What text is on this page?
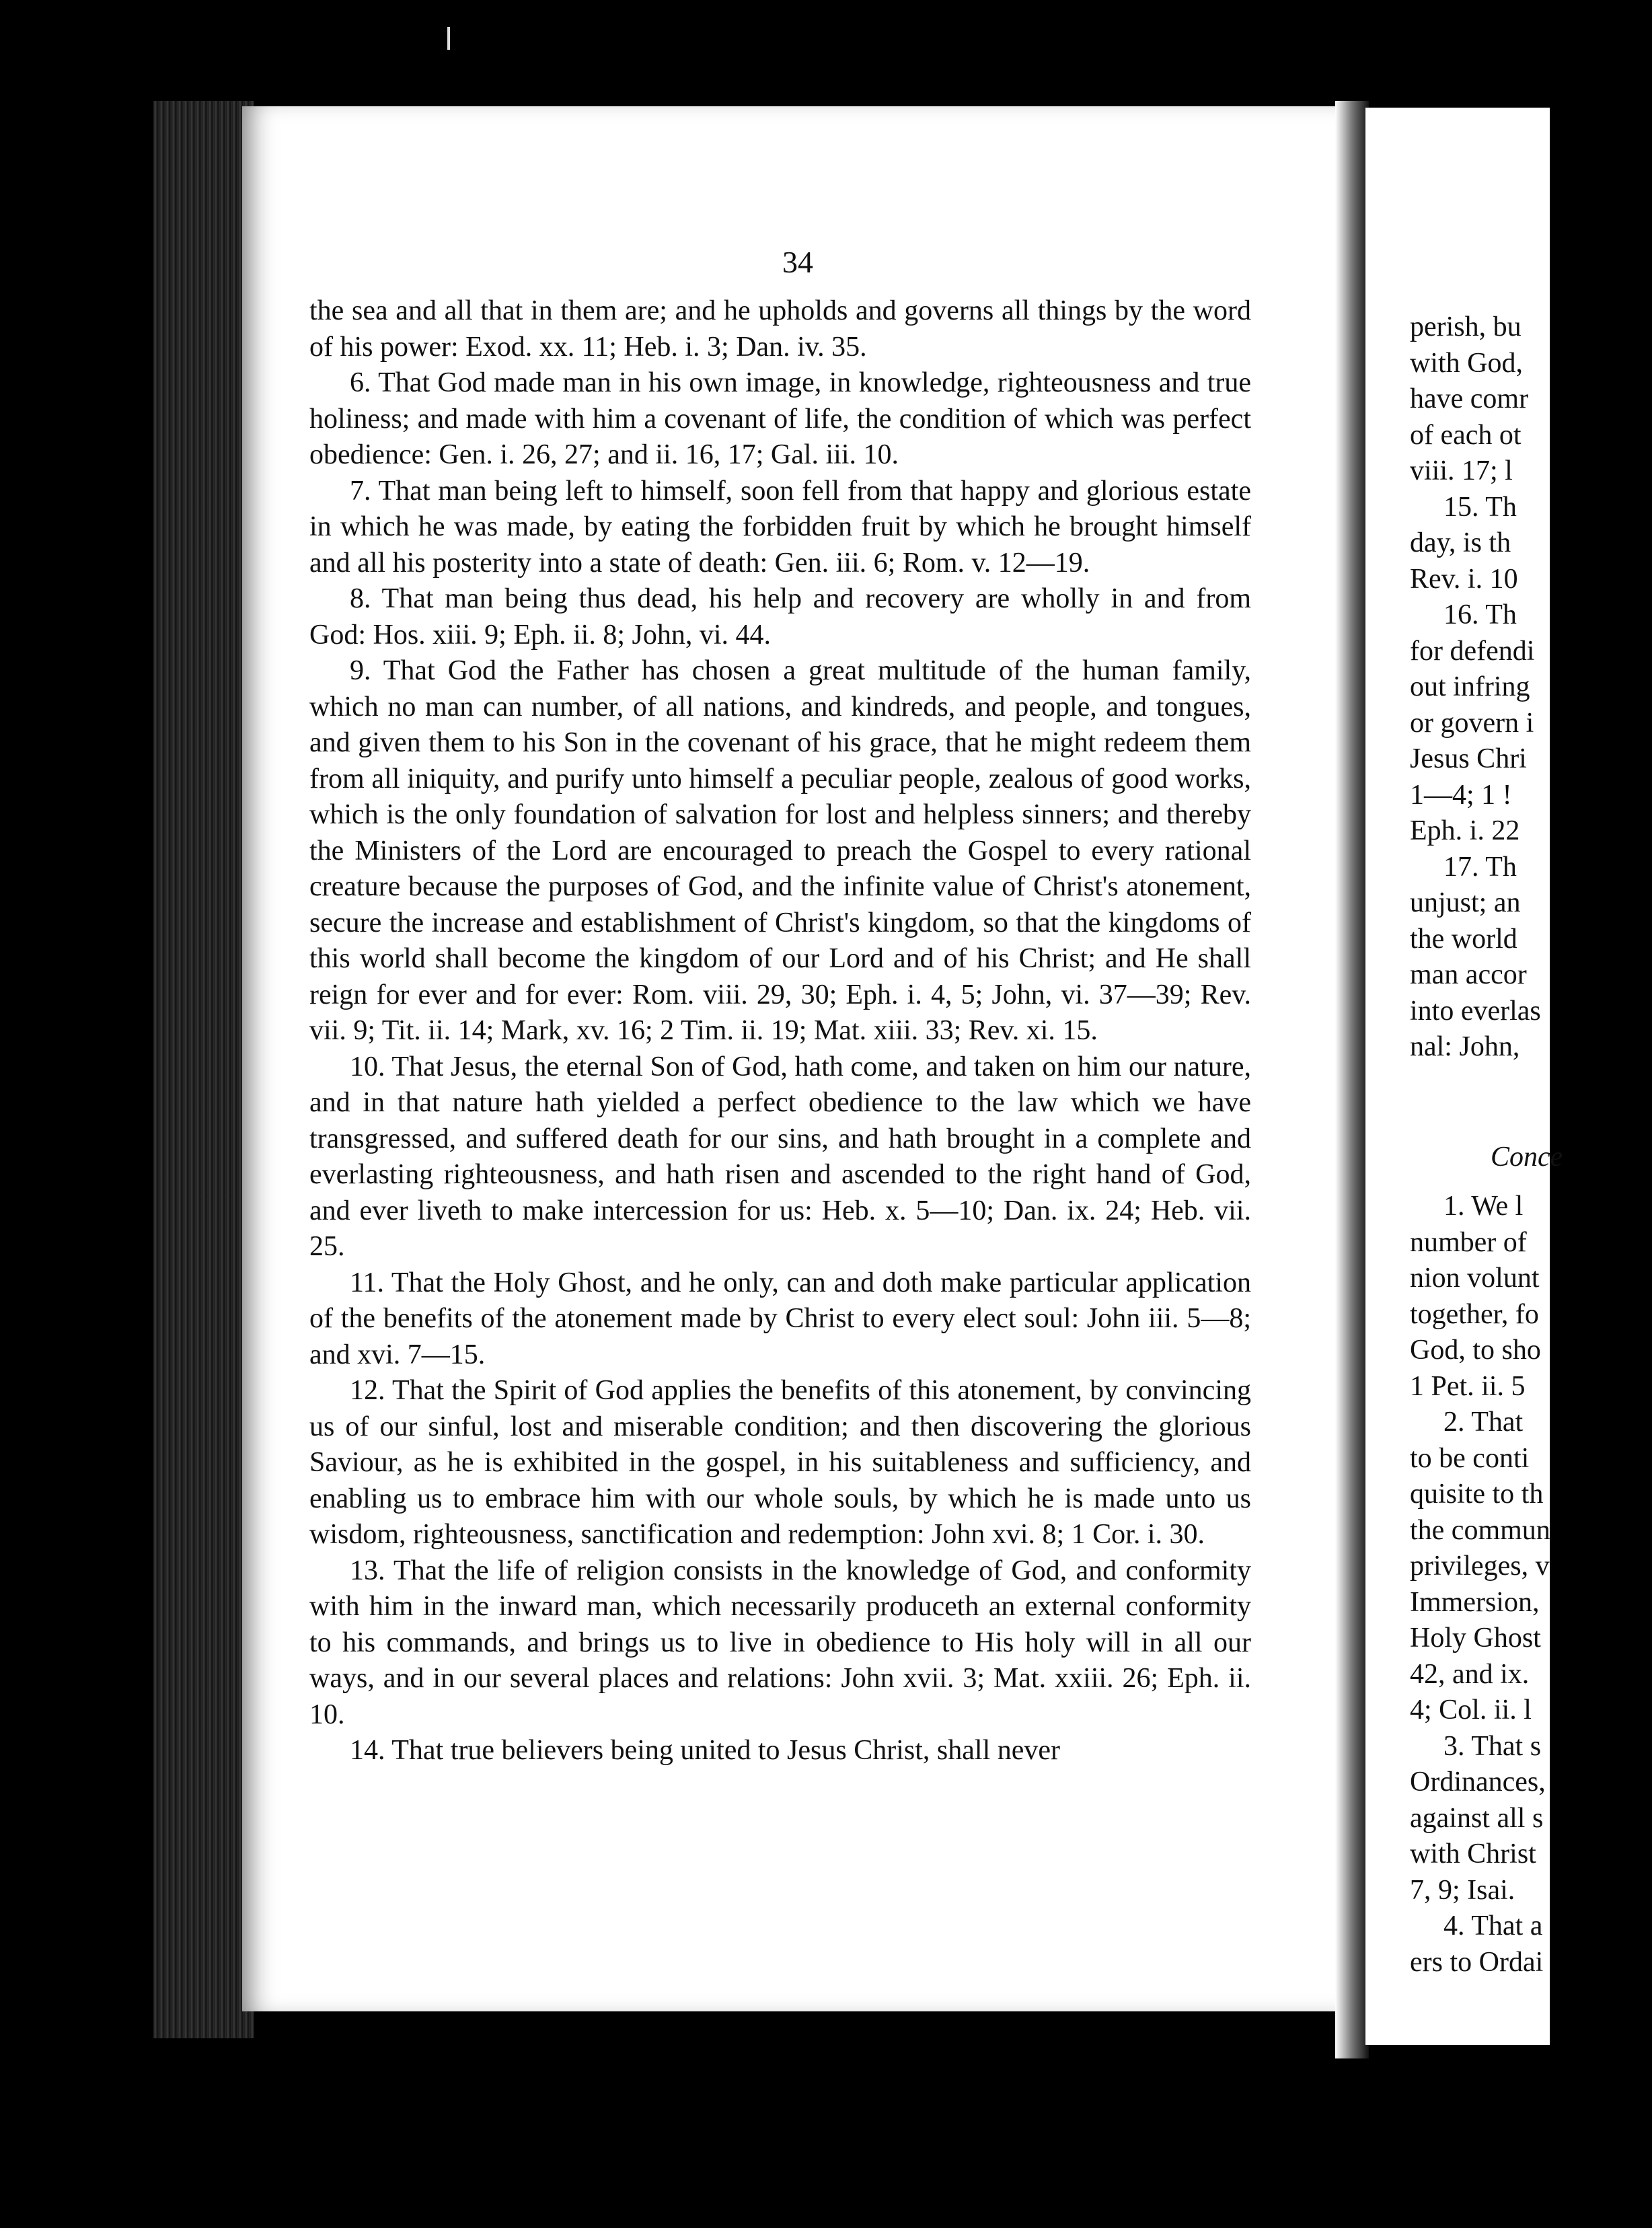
34

the sea and all that in them are; and he upholds and governs all things by the word of his power: Exod. xx. 11; Heb. i. 3; Dan. iv. 35.

6. That God made man in his own image, in knowledge, righteousness and true holiness; and made with him a covenant of life, the condition of which was perfect obedience: Gen. i. 26, 27; and ii. 16, 17; Gal. iii. 10.

7. That man being left to himself, soon fell from that happy and glorious estate in which he was made, by eating the forbidden fruit by which he brought himself and all his posterity into a state of death: Gen. iii. 6; Rom. v. 12—19.

8. That man being thus dead, his help and recovery are wholly in and from God: Hos. xiii. 9; Eph. ii. 8; John, vi. 44.

9. That God the Father has chosen a great multitude of the human family, which no man can number, of all nations, and kindreds, and people, and tongues, and given them to his Son in the covenant of his grace, that he might redeem them from all iniquity, and purify unto himself a peculiar people, zealous of good works, which is the only foundation of salvation for lost and helpless sinners; and thereby the Ministers of the Lord are encouraged to preach the Gospel to every rational creature because the purposes of God, and the infinite value of Christ's atonement, secure the increase and establishment of Christ's kingdom, so that the kingdoms of this world shall become the kingdom of our Lord and of his Christ; and He shall reign for ever and for ever: Rom. viii. 29, 30; Eph. i. 4, 5; John, vi. 37—39; Rev. vii. 9; Tit. ii. 14; Mark, xv. 16; 2 Tim. ii. 19; Mat. xiii. 33; Rev. xi. 15.

10. That Jesus, the eternal Son of God, hath come, and taken on him our nature, and in that nature hath yielded a perfect obedience to the law which we have transgressed, and suffered death for our sins, and hath brought in a complete and everlasting righteousness, and hath risen and ascended to the right hand of God, and ever liveth to make intercession for us: Heb. x. 5—10; Dan. ix. 24; Heb. vii. 25.

11. That the Holy Ghost, and he only, can and doth make particular application of the benefits of the atonement made by Christ to every elect soul: John iii. 5—8; and xvi. 7—15.

12. That the Spirit of God applies the benefits of this atonement, by convincing us of our sinful, lost and miserable condition; and then discovering the glorious Saviour, as he is exhibited in the gospel, in his suitableness and sufficiency, and enabling us to embrace him with our whole souls, by which he is made unto us wisdom, righteousness, sanctification and redemption: John xvi. 8; 1 Cor. i. 30.

13. That the life of religion consists in the knowledge of God, and conformity with him in the inward man, which necessarily produceth an external conformity to his commands, and brings us to live in obedience to His holy will in all our ways, and in our several places and relations: John xvii. 3; Mat. xxiii. 26; Eph. ii. 10.

14. That true believers being united to Jesus Christ, shall never

perish, bu
with God,
have comr
of each ot
viii. 17; l
15. Th
day, is th
Rev. i. 10
16. Th
for defendi
out infring
or govern i
Jesus Chri
1—4; 1 !
Eph. i. 22
17. Th
unjust; an
the world
man accor
into everlas
nal: John,
Conce
1. We l
number of
nion volunt
together, fo
God, to sho
1 Pet. ii. 5
2. That
to be conti
quisite to th
the commun
privileges, v
Immersion,
Holy Ghost
42, and ix.
4; Col. ii. l
3. That s
Ordinances,
against all s
with Christ
7, 9; Isai.
4. That a
ers to Ordai
